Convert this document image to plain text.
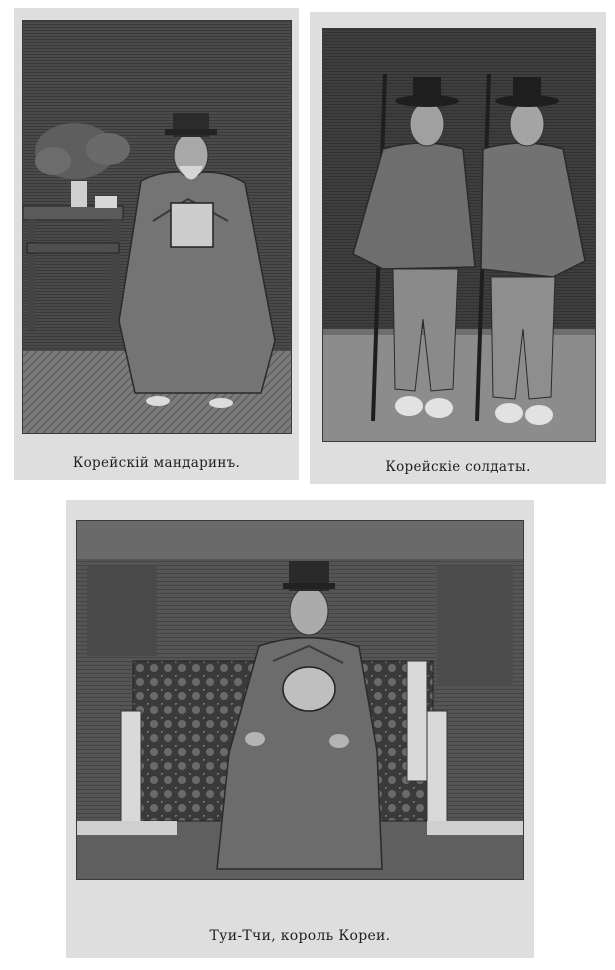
Корейскій мандаринъ.	Корейскіе солдаты.
Туи-Тчи, король Кореи.
